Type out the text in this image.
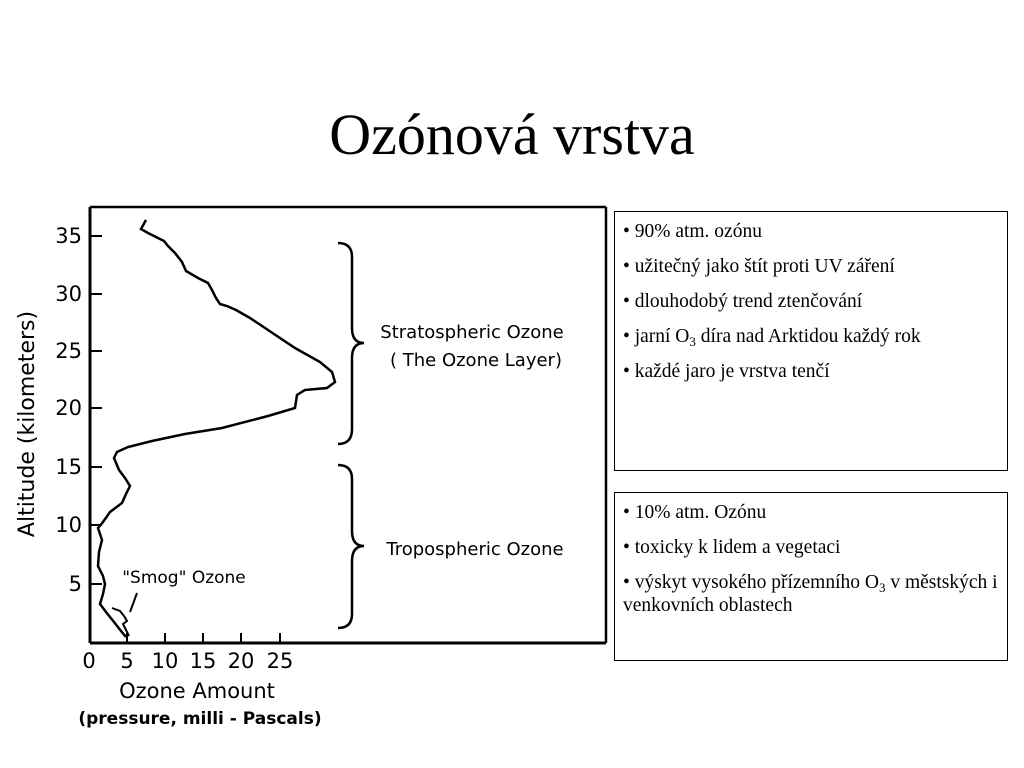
Ozónová vrstva
5
10
15
20
25
30
35
0 5 10 15 20 25
Altitude (kilometers)
Ozone Amount
(pressure, milli - Pascals)
Stratospheric Ozone
( The Ozone Layer)
Tropospheric Ozone
"Smog" Ozone
• 90% atm. ozónu
• užitečný jako štít proti UV záření
• dlouhodobý trend ztenčování
• jarní $O_3$ díra nad Arktidou každý rok
• každé jaro je vrstva tenčí
• 10% atm. Ozónu
• toxicky k lidem a vegetaci
• výskyt vysokého přízemního $O_3$ v městských i venkovních oblastech
